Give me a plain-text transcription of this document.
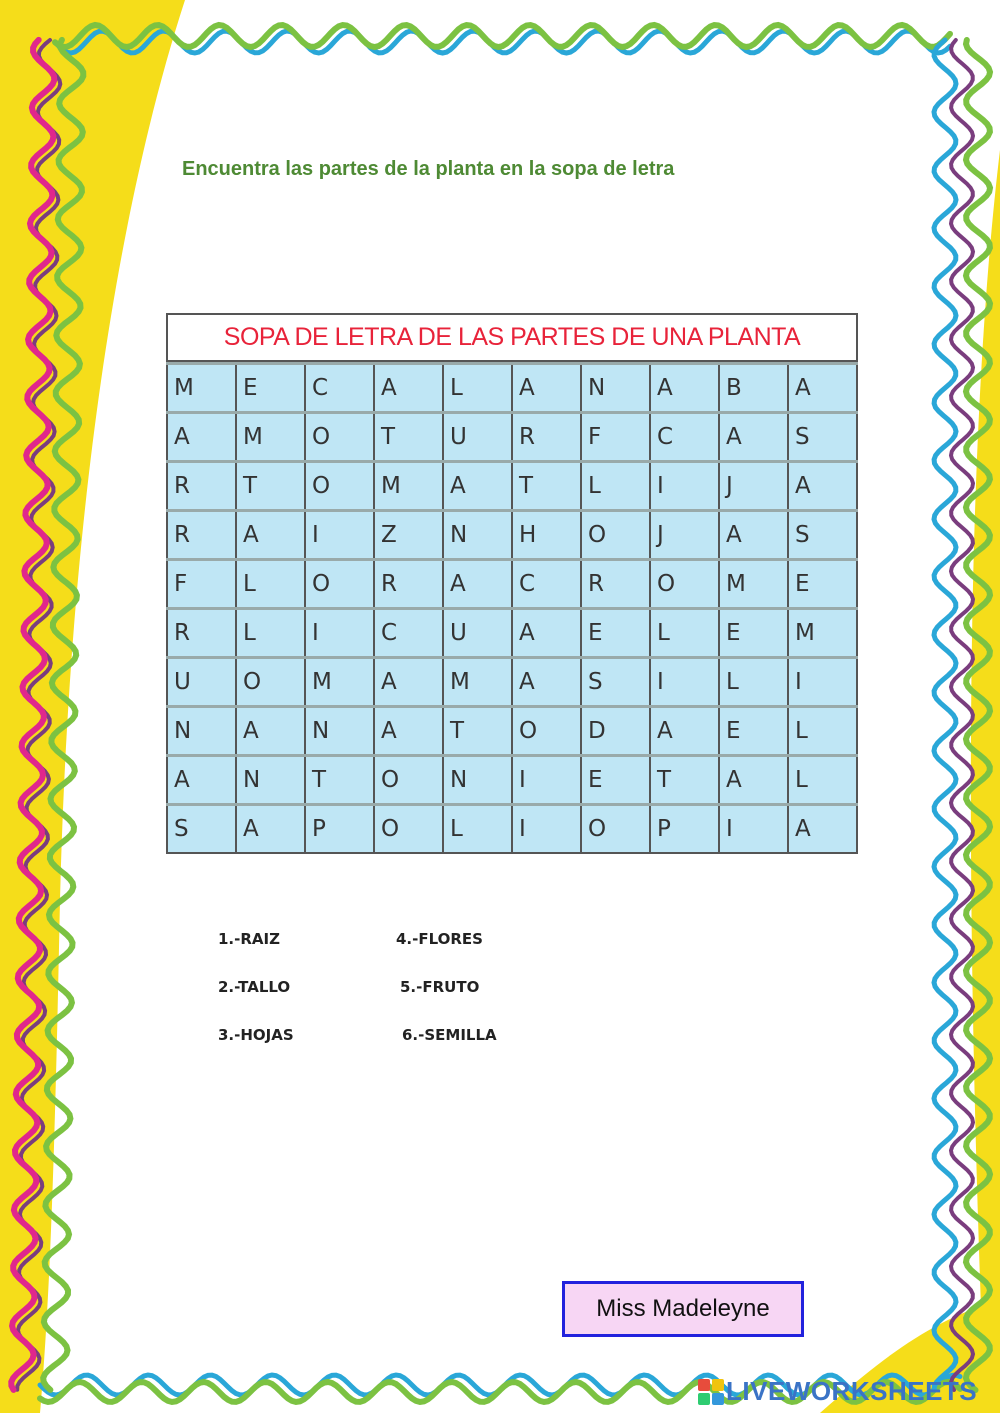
Encuentra las partes de la planta en la sopa de letra
SOPA DE LETRA DE LAS PARTES DE UNA PLANTA
M	E	C	A	L	A	N	A	B	A
A	M	O	T	U	R	F	C	A	S
R	T	O	M	A	T	L	I	J	A
R	A	I	Z	N	H	O	J	A	S
F	L	O	R	A	C	R	O	M	E
R	L	I	C	U	A	E	L	E	M
U	O	M	A	M	A	S	I	L	I
N	A	N	A	T	O	D	A	E	L
A	N	T	O	N	I	E	T	A	L
S	A	P	O	L	I	O	P	I	A
1.-RAIZ
2.-TALLO
3.-HOJAS
4.-FLORES
5.-FRUTO
6.-SEMILLA
Miss Madeleyne
LIVEWORKSHEETS
